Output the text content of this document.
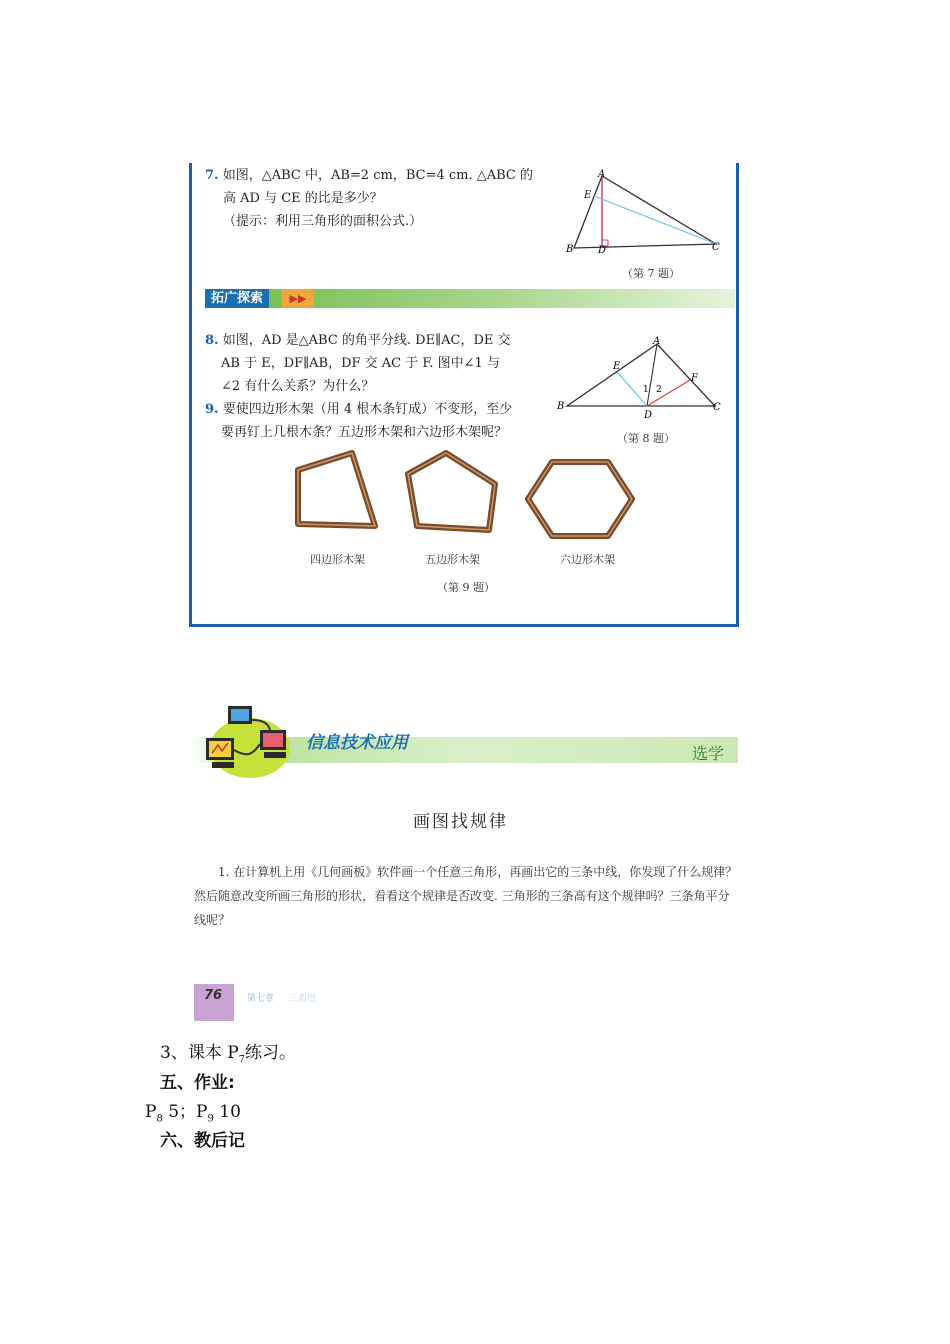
7. 如图，△ABC 中，AB=2 cm，BC=4 cm. △ABC 的
高 AD 与 CE 的比是多少？
（提示：利用三角形的面积公式.）
A
E
B D	C
（第 7 题）
拓广探索	▶▶
8. 如图，AD 是△ABC 的角平分线. DE∥AC，DE 交
AB 于 E，DF∥AB，DF 交 AC 于 F. 图中∠1 与
∠2 有什么关系？为什么？
A
E
F
B
D
C
1 2
（第 8 题）
9. 要使四边形木架（用 4 根木条钉成）不变形，至少
要再钉上几根木条？五边形木架和六边形木架呢？
四边形木架	五边形木架	六边形木架
（第 9 题）
信息技术应用
选学
画图找规律
1. 在计算机上用《几何画板》软件画一个任意三角形，再画出它的三条中线，你发现了什么规律？然后随意改变所画三角形的形状，看看这个规律是否改变. 三角形的三条高有这个规律吗？三条角平分线呢？
76	第七章 三角形
3、课本 $P_7$练习。
五、作业:
$P_8$ 5；$P_9$ 10
六、教后记
